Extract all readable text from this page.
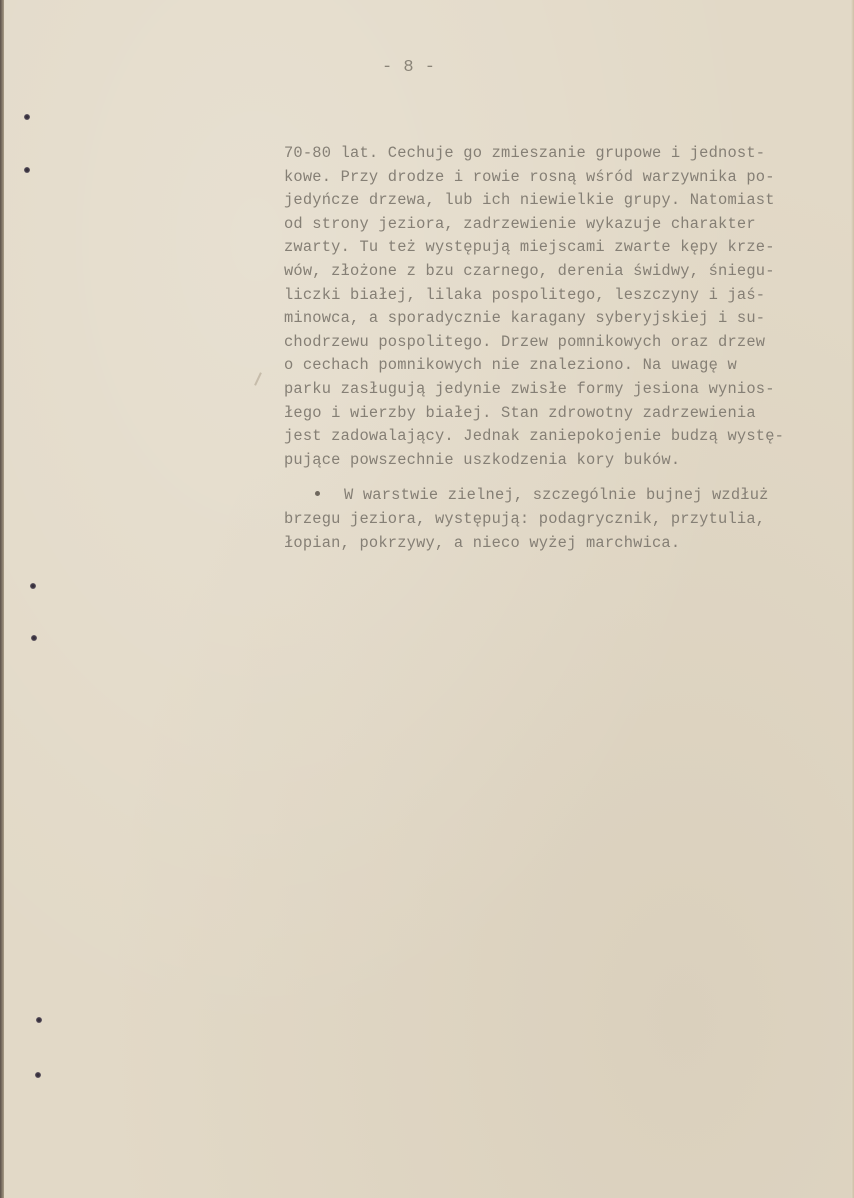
- 8 -
70-80 lat. Cechuje go zmieszanie grupowe i jednost-
kowe. Przy drodze i rowie rosną wśród warzywnika po-
jedyńcze drzewa, lub ich niewielkie grupy. Natomiast
od strony jeziora, zadrzewienie wykazuje charakter
zwarty. Tu też występują miejscami zwarte kępy krze-
wów, złożone z bzu czarnego, derenia świdwy, śniegu-
liczki białej, lilaka pospolitego, leszczyny i jaś-
minowca, a sporadycznie karagany syberyjskiej i su-
chodrzewu pospolitego. Drzew pomnikowych oraz drzew
o cechach pomnikowych nie znaleziono. Na uwagę w
parku zasługują jedynie zwisłe formy jesiona wynios-
łego i wierzby białej. Stan zdrowotny zadrzewienia
jest zadowalający. Jednak zaniepokojenie budzą wystę-
pujące powszechnie uszkodzenia kory buków.
W warstwie zielnej, szczególnie bujnej wzdłuż
brzegu jeziora, występują: podagrycznik, przytulia,
łopian, pokrzywy, a nieco wyżej marchwica.
